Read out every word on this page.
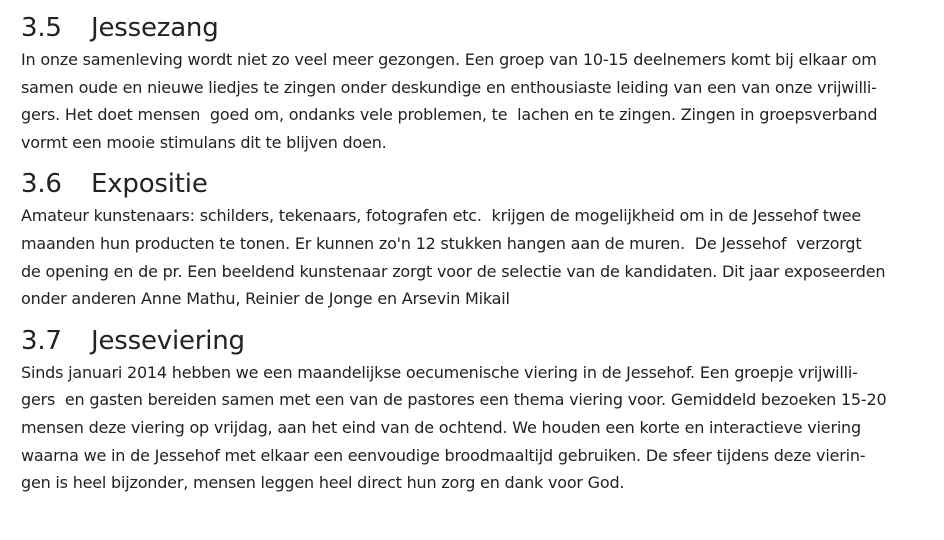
3.5 Jessezang
In onze samenleving wordt niet zo veel meer gezongen. Een groep van 10-15 deelnemers komt bij elkaar om
samen oude en nieuwe liedjes te zingen onder deskundige en enthousiaste leiding van een van onze vrijwilli-
gers. Het doet mensen  goed om, ondanks vele problemen, te  lachen en te zingen. Zingen in groepsverband
vormt een mooie stimulans dit te blijven doen.
3.6 Expositie
Amateur kunstenaars: schilders, tekenaars, fotografen etc.  krijgen de mogelijkheid om in de Jessehof twee
maanden hun producten te tonen. Er kunnen zo'n 12 stukken hangen aan de muren.  De Jessehof  verzorgt
de opening en de pr. Een beeldend kunstenaar zorgt voor de selectie van de kandidaten. Dit jaar exposeerden
onder anderen Anne Mathu, Reinier de Jonge en Arsevin Mikail
3.7 Jesseviering
Sinds januari 2014 hebben we een maandelijkse oecumenische viering in de Jessehof. Een groepje vrijwilli-
gers  en gasten bereiden samen met een van de pastores een thema viering voor. Gemiddeld bezoeken 15-20
mensen deze viering op vrijdag, aan het eind van de ochtend. We houden een korte en interactieve viering
waarna we in de Jessehof met elkaar een eenvoudige broodmaaltijd gebruiken. De sfeer tijdens deze vierin-
gen is heel bijzonder, mensen leggen heel direct hun zorg en dank voor God.
